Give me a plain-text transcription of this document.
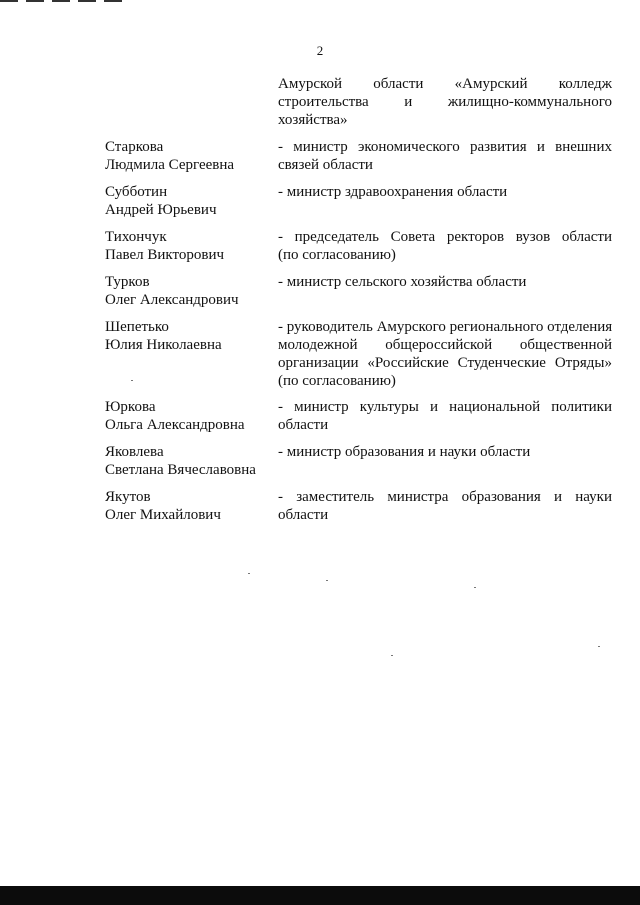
2
Амурской области «Амурский колледж
строительства и жилищно-коммунального
хозяйства»
Старкова
Людмила Сергеевна
- министр экономического развития и внешних
связей области
Субботин
Андрей Юрьевич
- министр здравоохранения области
Тихончук
Павел Викторович
- председатель Совета ректоров вузов области
(по согласованию)
Турков
Олег Александрович
- министр сельского хозяйства области
Шепетько
Юлия Николаевна
- руководитель Амурского регионального отделения
молодежной общероссийской общественной
организации «Российские Студенческие Отряды»
(по согласованию)
Юркова
Ольга Александровна
- министр культуры и национальной политики
области
Яковлева
Светлана Вячеславовна
- министр образования и науки области
Якутов
Олег Михайлович
- заместитель министра образования и науки
области
